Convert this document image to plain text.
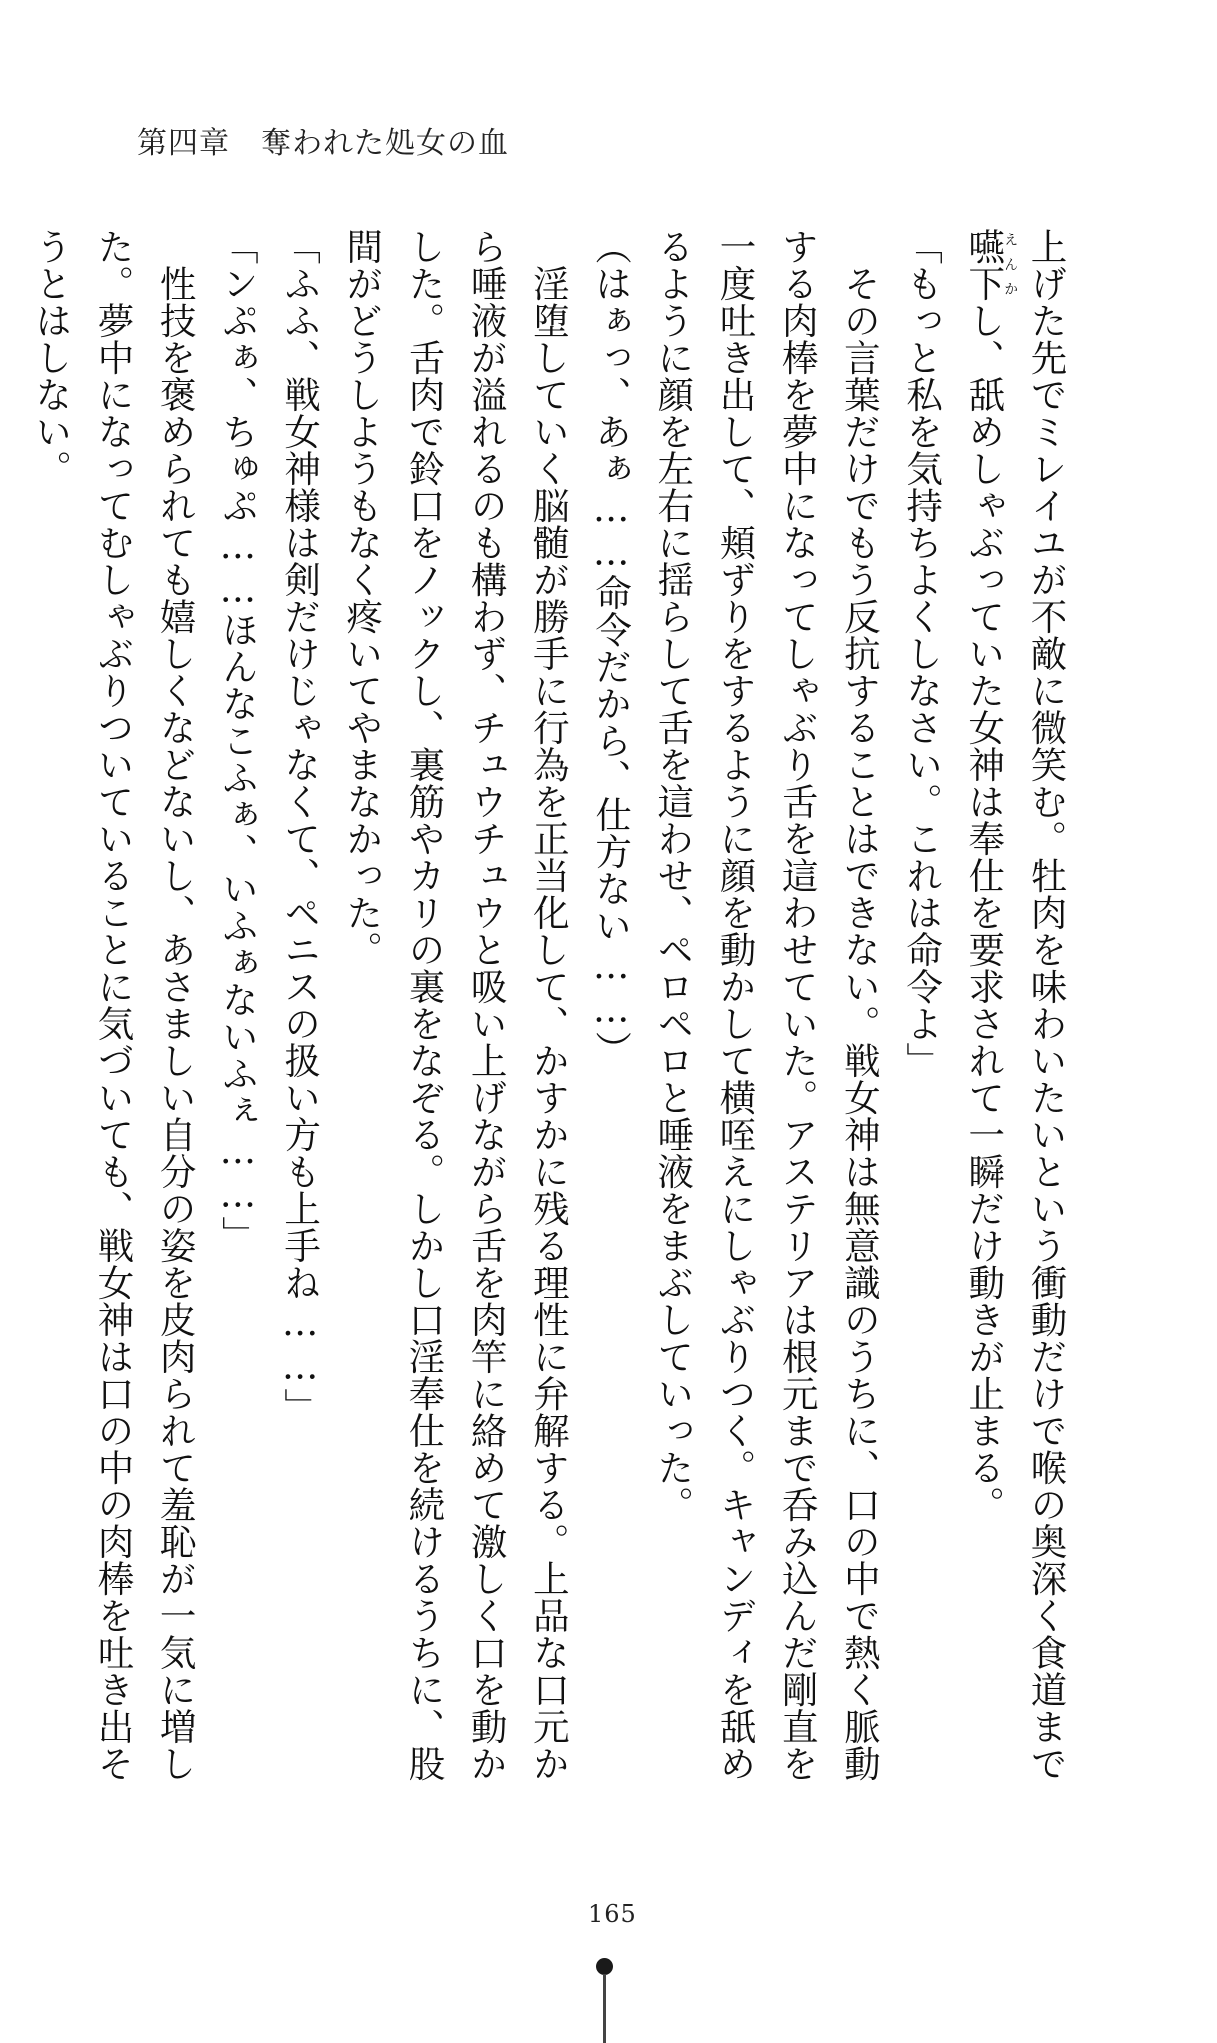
第四章　奪われた処女の血

上げた先でミレイユが不敵に微笑む。牡肉を味わいたいという衝動だけで喉の奥深く食道まで嚥下えんかし、舐めしゃぶっていた女神は奉仕を要求されて一瞬だけ動きが止まる。

「もっと私を気持ちよくしなさい。これは命令よ」

その言葉だけでもう反抗することはできない。戦女神は無意識のうちに、口の中で熱く脈動する肉棒を夢中になってしゃぶり舌を這わせていた。アステリアは根元まで呑み込んだ剛直を一度吐き出して、頬ずりをするように顔を動かして横咥えにしゃぶりつく。キャンディを舐めるように顔を左右に揺らして舌を這わせ、ペロペロと唾液をまぶしていった。

（はぁっ、あぁ……命令だから、仕方ない……）

淫堕していく脳髄が勝手に行為を正当化して、かすかに残る理性に弁解する。上品な口元から唾液が溢れるのも構わず、チュウチュウと吸い上げながら舌を肉竿に絡めて激しく口を動かした。舌肉で鈴口をノックし、裏筋やカリの裏をなぞる。しかし口淫奉仕を続けるうちに、股間がどうしようもなく疼いてやまなかった。

「ふふ、戦女神様は剣だけじゃなくて、ペニスの扱い方も上手ね……」

「ンぷぁ、ちゅぷ……ほんなこふぁ、いふぁないふぇ……」

性技を褒められても嬉しくなどないし、あさましい自分の姿を皮肉られて羞恥が一気に増した。夢中になってむしゃぶりついていることに気づいても、戦女神は口の中の肉棒を吐き出そうとはしない。

165
